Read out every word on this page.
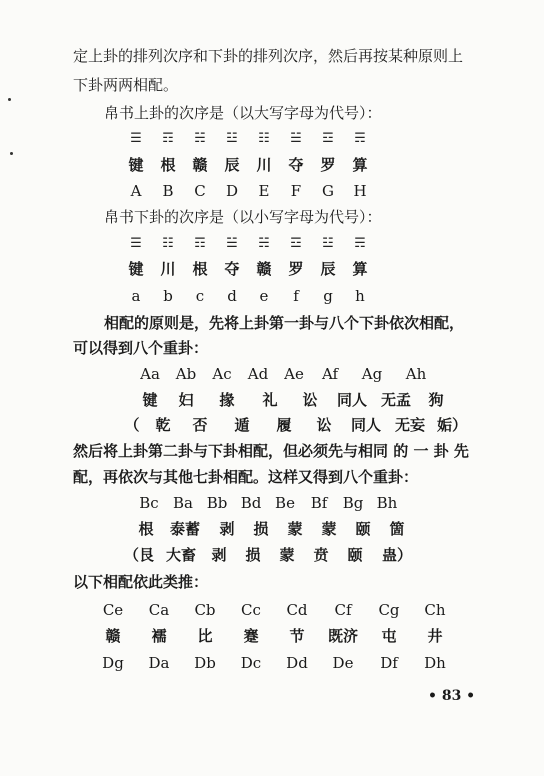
定上卦的排列次序和下卦的排列次序，然后再按某种原则上
下卦两两相配。
帛书上卦的次序是（以大写字母为代号）：
☰	☶	☵	☳	☷	☱	☲	☴
键	根	赣	辰	川	夺	罗	算
A	B	C	D	E	F	G	H
帛书下卦的次序是（以小写字母为代号）：
☰	☷	☶	☱	☵	☲	☳	☴
键	川	根	夺	赣	罗	辰	算
a	b	c	d	e	f	g	h
相配的原则是，先将上卦第一卦与八个下卦依次相配，
可以得到八个重卦：
Aa	Ab	Ac	Ad	Ae	Af	Ag	Ah
键	妇	掾	礼	讼	同人 无孟	狗
（	乾	否	遁	履	讼	同人 无妄 姤）
然后将上卦第二卦与下卦相配，但必须先与相同 的 一 卦 先
配，再依次与其他七卦相配。这样又得到八个重卦：
Bc Ba Bb Bd Be	Bf	Bg Bh
根	泰蓄	剥	损	蒙	蒙	颐	箇
（艮 大畜	剥	损	蒙	贲	颐	蛊）
以下相配依此类推：
Ce	Ca	Cb	Cc	Cd	Cf	Cg	Ch
赣	襦	比	蹇	节	既济	屯	井
Dg	Da	Db	Dc	Dd	De	Df	Dh
• 83 •
